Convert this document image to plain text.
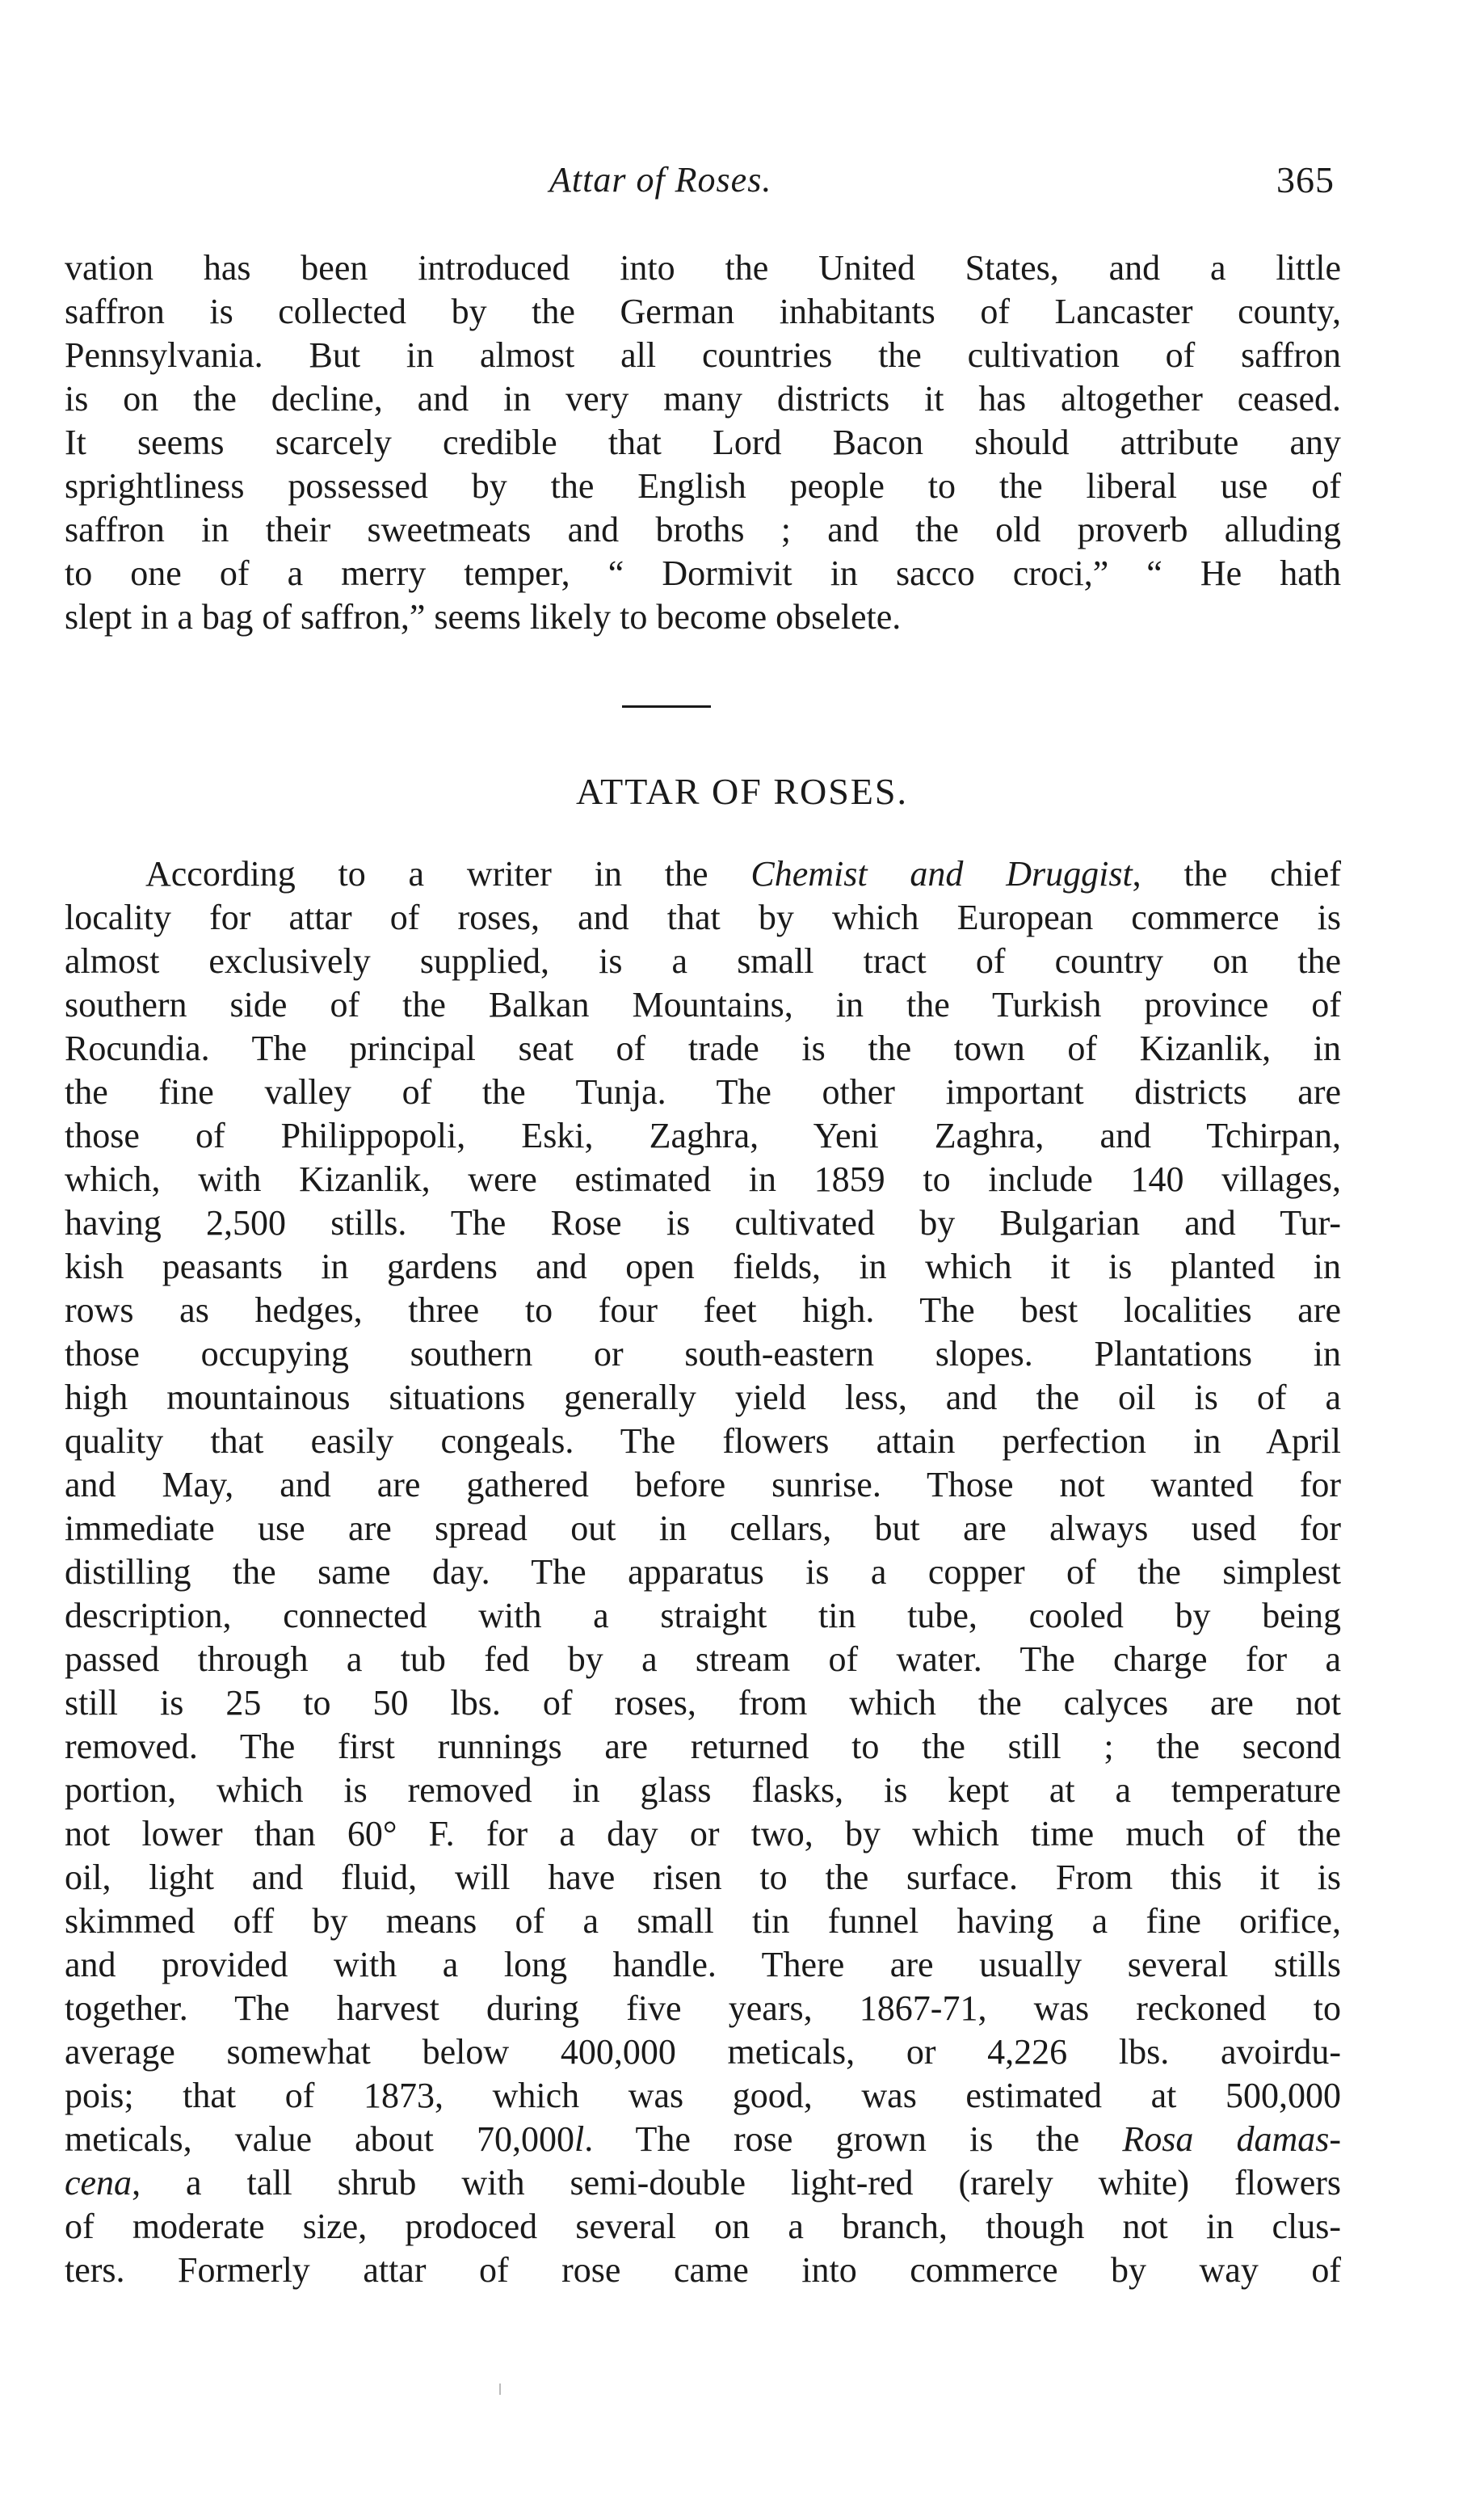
Attar of Roses.	365
vation has been introduced into the United States, and a little
saffron is collected by the German inhabitants of Lancaster county,
Pennsylvania. But in almost all countries the cultivation of saffron
is on the decline, and in very many districts it has altogether ceased.
It seems scarcely credible that Lord Bacon should attribute any
sprightliness possessed by the English people to the liberal use of
saffron in their sweetmeats and broths ; and the old proverb alluding
to one of a merry temper, “ Dormivit in sacco croci,” “ He hath
slept in a bag of saffron,” seems likely to become obselete.
ATTAR OF ROSES.
According to a writer in the Chemist and Druggist, the chief
locality for attar of roses, and that by which European commerce is
almost exclusively supplied, is a small tract of country on the
southern side of the Balkan Mountains, in the Turkish province of
Rocundia. The principal seat of trade is the town of Kizanlik, in
the fine valley of the Tunja. The other important districts are
those of Philippopoli, Eski, Zaghra, Yeni Zaghra, and Tchirpan,
which, with Kizanlik, were estimated in 1859 to include 140 villages,
having 2,500 stills. The Rose is cultivated by Bulgarian and Tur-
kish peasants in gardens and open fields, in which it is planted in
rows as hedges, three to four feet high. The best localities are
those occupying southern or south-eastern slopes. Plantations in
high mountainous situations generally yield less, and the oil is of a
quality that easily congeals. The flowers attain perfection in April
and May, and are gathered before sunrise. Those not wanted for
immediate use are spread out in cellars, but are always used for
distilling the same day. The apparatus is a copper of the simplest
description, connected with a straight tin tube, cooled by being
passed through a tub fed by a stream of water. The charge for a
still is 25 to 50 lbs. of roses, from which the calyces are not
removed. The first runnings are returned to the still ; the second
portion, which is removed in glass flasks, is kept at a temperature
not lower than 60° F. for a day or two, by which time much of the
oil, light and fluid, will have risen to the surface. From this it is
skimmed off by means of a small tin funnel having a fine orifice,
and provided with a long handle. There are usually several stills
together. The harvest during five years, 1867-71, was reckoned to
average somewhat below 400,000 meticals, or 4,226 lbs. avoirdu-
pois; that of 1873, which was good, was estimated at 500,000
meticals, value about 70,000l. The rose grown is the Rosa damas-
cena, a tall shrub with semi-double light-red (rarely white) flowers
of moderate size, prodoced several on a branch, though not in clus-
ters. Formerly attar of rose came into commerce by way of
